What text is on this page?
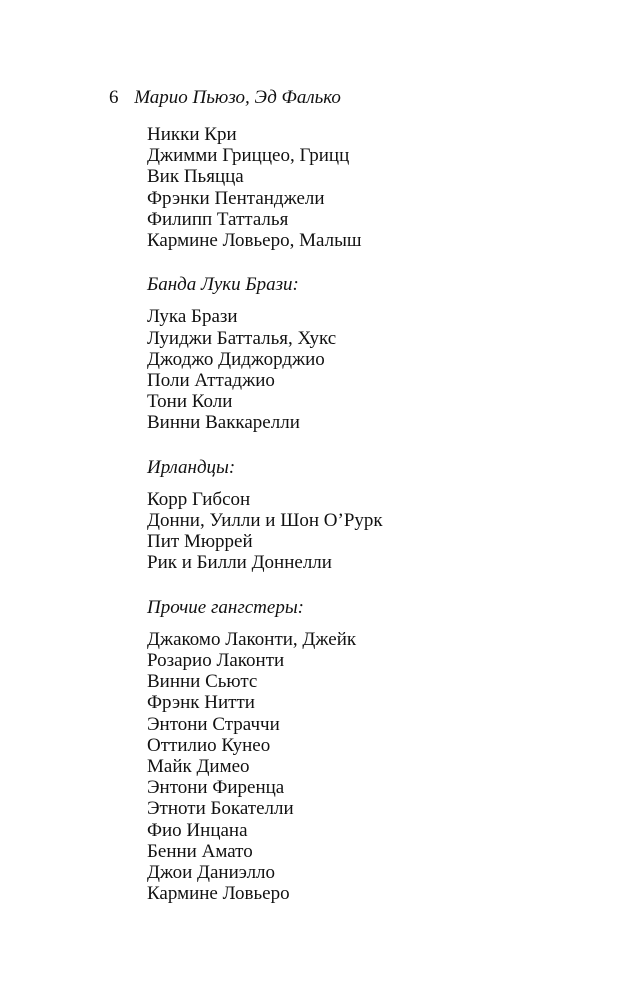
6 Марио Пьюзо, Эд Фалько
Никки Кри
Джимми Гриццео, Грицц
Вик Пьяцца
Фрэнки Пентанджели
Филипп Татталья
Кармине Ловьеро, Малыш
Банда Луки Брази:
Лука Брази
Луиджи Батталья, Хукс
Джоджо Диджорджио
Поли Аттаджио
Тони Коли
Винни Ваккарелли
Ирландцы:
Корр Гибсон
Донни, Уилли и Шон О’Рурк
Пит Мюррей
Рик и Билли Доннелли
Прочие гангстеры:
Джакомо Лаконти, Джейк
Розарио Лаконти
Винни Сьютс
Фрэнк Нитти
Энтони Страччи
Оттилио Кунео
Майк Димео
Энтони Фиренца
Этноти Бокателли
Фио Инцана
Бенни Амато
Джои Даниэлло
Кармине Ловьеро
